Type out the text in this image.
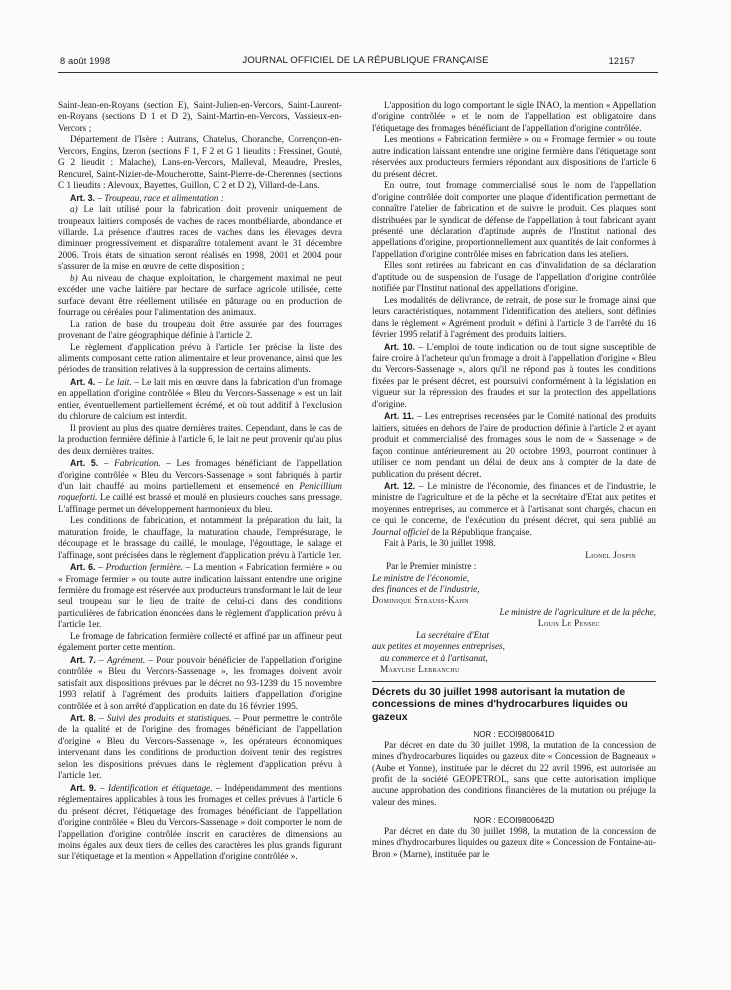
8 août 1998	JOURNAL OFFICIEL DE LA RÉPUBLIQUE FRANÇAISE	12157

Saint-Jean-en-Royans (section E), Saint-Julien-en-Vercors, Saint-Laurent-en-Royans (sections D 1 et D 2), Saint-Martin-en-Vercors, Vassieux-en-Vercors ;

Département de l'Isère : Autrans, Chatelus, Choranche, Corrençon-en-Vercors, Engins, Izeron (sections F 1, F 2 et G 1 lieudits : Fressinet, Gouté, G 2 lieudit : Malache), Lans-en-Vercors, Malleval, Meaudre, Presles, Rencurel, Saint-Nizier-de-Moucherotte, Saint-Pierre-de-Cherennes (sections C 1 lieudits : Alevoux, Bayettes, Guillon, C 2 et D 2), Villard-de-Lans.

Art. 3. – Troupeau, race et alimentation :

a) Le lait utilisé pour la fabrication doit provenir uniquement de troupeaux laitiers composés de vaches de races montbéliarde, abondance et villarde. La présence d'autres races de vaches dans les élevages devra diminuer progressivement et disparaître totalement avant le 31 décembre 2006. Trois états de situation seront réalisés en 1998, 2001 et 2004 pour s'assurer de la mise en œuvre de cette disposition ;

b) Au niveau de chaque exploitation, le chargement maximal ne peut excéder une vache laitière par hectare de surface agricole utilisée, cette surface devant être réellement utilisée en pâturage ou en production de fourrage ou céréales pour l'alimentation des animaux.

La ration de base du troupeau doit être assurée par des fourrages provenant de l'aire géographique définie à l'article 2.

Le règlement d'application prévu à l'article 1er précise la liste des aliments composant cette ration alimentaire et leur provenance, ainsi que les périodes de transition relatives à la suppression de certains aliments.

Art. 4. – Le lait. – Le lait mis en œuvre dans la fabrication d'un fromage en appellation d'origine contrôlée « Bleu du Vercors-Sassenage » est un lait entier, éventuellement partiellement écrémé, et où tout additif à l'exclusion du chlorure de calcium est interdit.

Il provient au plus des quatre dernières traites. Cependant, dans le cas de la production fermière définie à l'article 6, le lait ne peut provenir qu'au plus des deux dernières traites.

Art. 5. – Fabrication. – Les fromages bénéficiant de l'appellation d'origine contrôlée « Bleu du Vercors-Sassenage » sont fabriqués à partir d'un lait chauffé au moins partiellement et ensemencé en Penicillium roqueforti. Le caillé est brassé et moulé en plusieurs couches sans pressage. L'affinage permet un développement harmonieux du bleu.

Les conditions de fabrication, et notamment la préparation du lait, la maturation froide, le chauffage, la maturation chaude, l'emprésurage, le découpage et le brassage du caillé, le moulage, l'égouttage, le salage et l'affinage, sont précisées dans le règlement d'application prévu à l'article 1er.

Art. 6. – Production fermière. – La mention « Fabrication fermière » ou « Fromage fermier » ou toute autre indication laissant entendre une origine fermière du fromage est réservée aux producteurs transformant le lait de leur seul troupeau sur le lieu de traite de celui-ci dans des conditions particulières de fabrication énoncées dans le règlement d'application prévu à l'article 1er.

Le fromage de fabrication fermière collecté et affiné par un affineur peut également porter cette mention.

Art. 7. – Agrément. – Pour pouvoir bénéficier de l'appellation d'origine contrôlée « Bleu du Vercors-Sassenage », les fromages doivent avoir satisfait aux dispositions prévues par le décret no 93-1239 du 15 novembre 1993 relatif à l'agrément des produits laitiers d'appellation d'origine contrôlée et à son arrêté d'application en date du 16 février 1995.

Art. 8. – Suivi des produits et statistiques. – Pour permettre le contrôle de la qualité et de l'origine des fromages bénéficiant de l'appellation d'origine « Bleu du Vercors-Sassenage », les opérateurs économiques intervenant dans les conditions de production doivent tenir des registres selon les dispositions prévues dans le règlement d'application prévu à l'article 1er.

Art. 9. – Identification et étiquetage. – Indépendamment des mentions réglementaires applicables à tous les fromages et celles prévues à l'article 6 du présent décret, l'étiquetage des fromages bénéficiant de l'appellation d'origine contrôlée « Bleu du Vercors-Sassenage » doit comporter le nom de l'appellation d'origine contrôlée inscrit en caractères de dimensions au moins égales aux deux tiers de celles des caractères les plus grands figurant sur l'étiquetage et la mention « Appellation d'origine contrôlée ».

L'apposition du logo comportant le sigle INAO, la mention « Appellation d'origine contrôlée » et le nom de l'appellation est obligatoire dans l'étiquetage des fromages bénéficiant de l'appellation d'origine contrôlée.

Les mentions « Fabrication fermière » ou « Fromage fermier » ou toute autre indication laissant entendre une origine fermière dans l'étiquetage sont réservées aux producteurs fermiers répondant aux dispositions de l'article 6 du présent décret.

En outre, tout fromage commercialisé sous le nom de l'appellation d'origine contrôlée doit comporter une plaque d'identification permettant de connaître l'atelier de fabrication et de suivre le produit. Ces plaques sont distribuées par le syndicat de défense de l'appellation à tout fabricant ayant présenté une déclaration d'aptitude auprès de l'Institut national des appellations d'origine, proportionnellement aux quantités de lait conformes à l'appellation d'origine contrôlée mises en fabrication dans les ateliers.

Elles sont retirées au fabricant en cas d'invalidation de sa déclaration d'aptitude ou de suspension de l'usage de l'appellation d'origine contrôlée notifiée par l'Institut national des appellations d'origine.

Les modalités de délivrance, de retrait, de pose sur le fromage ainsi que leurs caractéristiques, notamment l'identification des ateliers, sont définies dans le règlement « Agrément produit » défini à l'article 3 de l'arrêté du 16 février 1995 relatif à l'agrément des produits laitiers.

Art. 10. – L'emploi de toute indication ou de tout signe susceptible de faire croire à l'acheteur qu'un fromage a droit à l'appellation d'origine « Bleu du Vercors-Sassenage », alors qu'il ne répond pas à toutes les conditions fixées par le présent décret, est poursuivi conformément à la législation en vigueur sur la répression des fraudes et sur la protection des appellations d'origine.

Art. 11. – Les entreprises recensées par le Comité national des produits laitiers, situées en dehors de l'aire de production définie à l'article 2 et ayant produit et commercialisé des fromages sous le nom de « Sassenage » de façon continue antérieurement au 20 octobre 1993, pourront continuer à utiliser ce nom pendant un délai de deux ans à compter de la date de publication du présent décret.

Art. 12. – Le ministre de l'économie, des finances et de l'industrie, le ministre de l'agriculture et de la pêche et la secrétaire d'Etat aux petites et moyennes entreprises, au commerce et à l'artisanat sont chargés, chacun en ce qui le concerne, de l'exécution du présent décret, qui sera publié au Journal officiel de la République française.

Fait à Paris, le 30 juillet 1998.

Lionel Jospin

Par le Premier ministre :

Le ministre de l'économie,

des finances et de l'industrie,

Dominique Strauss-Kahn

Le ministre de l'agriculture et de la pêche,

Louis Le Pensec

La secrétaire d'Etat

aux petites et moyennes entreprises,

au commerce et à l'artisanat,

Marylise Lebranchu

Décrets du 30 juillet 1998 autorisant la mutation de concessions de mines d'hydrocarbures liquides ou gazeux

NOR : ECOI9800641D

Par décret en date du 30 juillet 1998, la mutation de la concession de mines d'hydrocarbures liquides ou gazeux dite « Concession de Bagneaux » (Aube et Yonne), instituée par le décret du 22 avril 1996, est autorisée au profit de la société GEOPETROL, sans que cette autorisation implique aucune approbation des conditions financières de la mutation ou préjuge la valeur des mines.

NOR : ECOI9800642D

Par décret en date du 30 juillet 1998, la mutation de la concession de mines d'hydrocarbures liquides ou gazeux dite « Concession de Fontaine-au-Bron » (Marne), instituée par le
